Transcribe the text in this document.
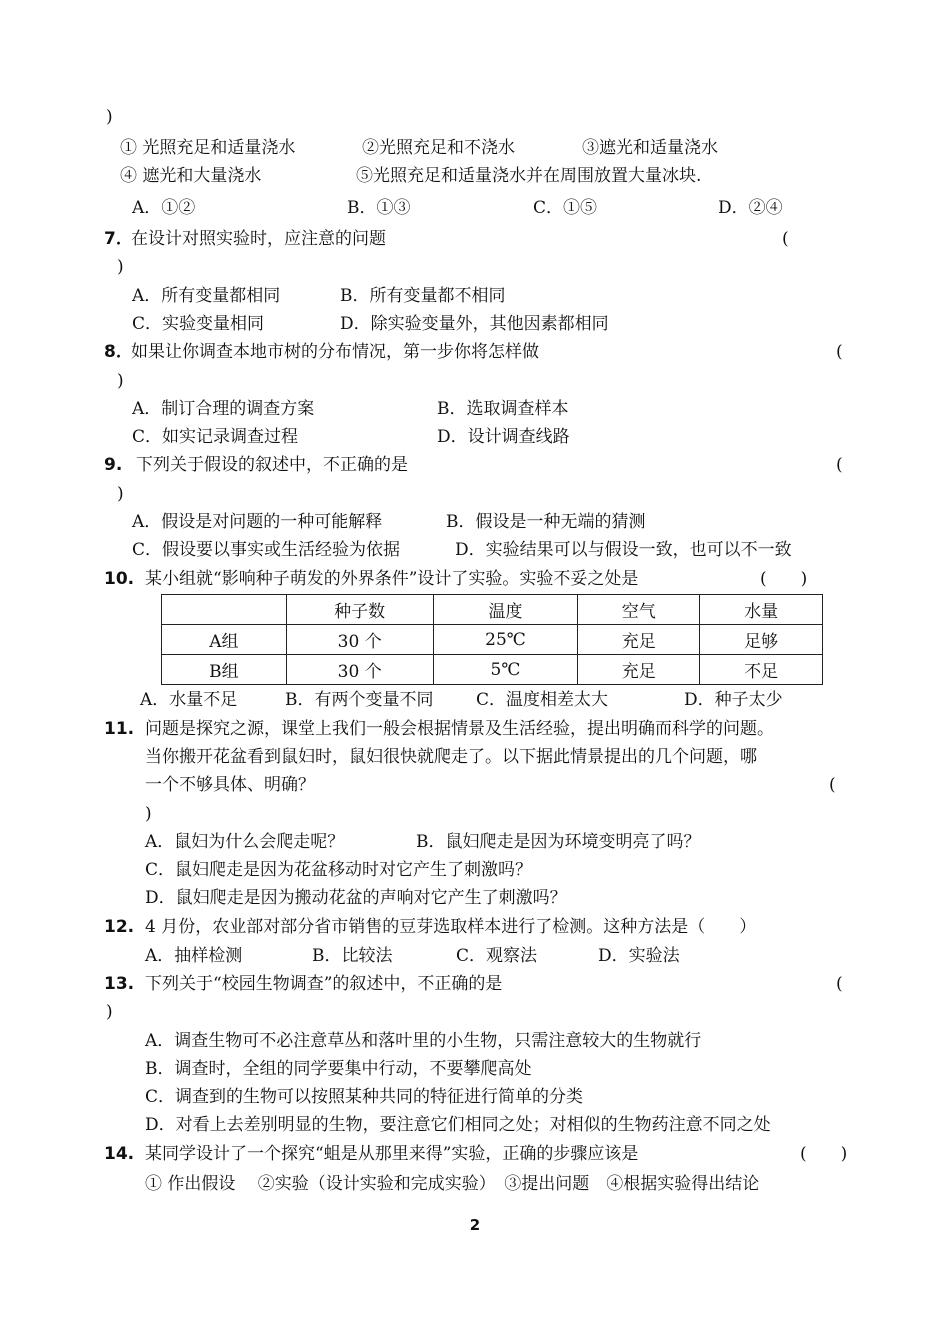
)
① 光照充足和适量浇水	②光照充足和不浇水	③遮光和适量浇水
④ 遮光和大量浇水	⑤光照充足和适量浇水并在周围放置大量冰块.
A．①②	B．①③	C．①⑤	D．②④
7．
在设计对照实验时，应注意的问题	(
)
A．所有变量都相同	B．所有变量都不相同
C．实验变量相同	D．除实验变量外，其他因素都相同
8．
如果让你调查本地市树的分布情况，第一步你将怎样做	(
)
A．制订合理的调查方案	B．选取调查样本
C．如实记录调查过程	D．设计调查线路
9. 下列关于假设的叙述中，不正确的是	(
)
A．假设是对问题的一种可能解释	B．假设是一种无端的猜测
C．假设要以事实或生活经验为依据	D．实验结果可以与假设一致，也可以不一致
10. 某小组就“影响种子萌发的外界条件”设计了实验。实验不妥之处是	(　　)
	种子数	温度	空气	水量
A组	30 个	25℃	充足	足够
B组	30 个	5℃	充足	不足
A．水量不足	B．有两个变量不同	C．温度相差太大	D．种子太少
11. 问题是探究之源，课堂上我们一般会根据情景及生活经验，提出明确而科学的问题。
当你搬开花盆看到鼠妇时，鼠妇很快就爬走了。以下据此情景提出的几个问题，哪
一个不够具体、明确？	(
)
A．鼠妇为什么会爬走呢？	B．鼠妇爬走是因为环境变明亮了吗？
C．鼠妇爬走是因为花盆移动时对它产生了刺激吗？
D．鼠妇爬走是因为搬动花盆的声响对它产生了刺激吗？
12. 4 月份，农业部对部分省市销售的豆芽选取样本进行了检测。这种方法是（　　）
A．抽样检测	B．比较法	C．观察法	D．实验法
13. 下列关于“校园生物调查”的叙述中，不正确的是	(
)
A．调查生物可不必注意草丛和落叶里的小生物，只需注意较大的生物就行
B．调查时，全组的同学要集中行动，不要攀爬高处
C．调查到的生物可以按照某种共同的特征进行简单的分类
D．对看上去差别明显的生物，要注意它们相同之处；对相似的生物药注意不同之处
14. 某同学设计了一个探究“蛆是从那里来得”实验，正确的步骤应该是	(　　)
① 作出假设　 ②实验（设计实验和完成实验）　③提出问题　④根据实验得出结论
2
